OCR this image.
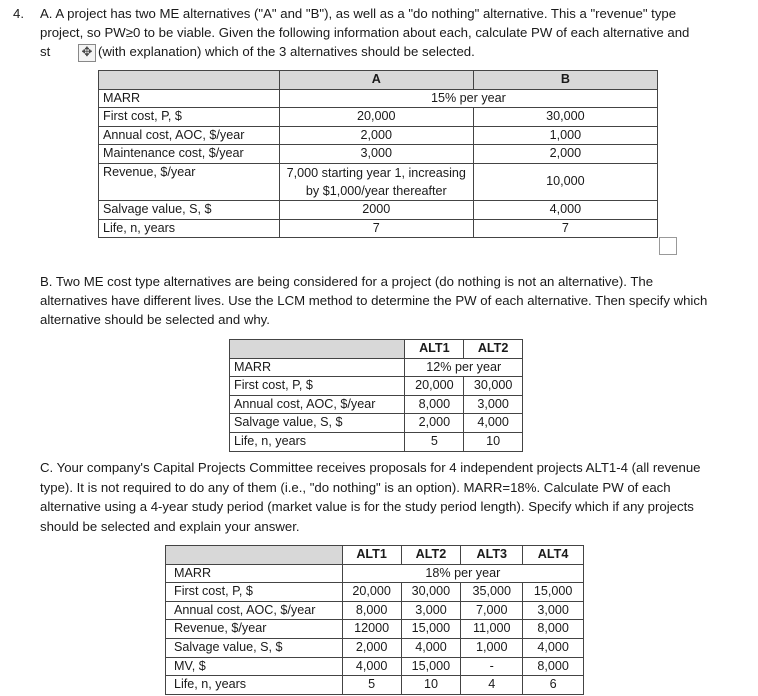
4. A. A project has two ME alternatives ("A" and "B"), as well as a "do nothing" alternative. This a "revenue" type
project, so PW≥0 to be viable. Given the following information about each, calculate PW of each alternative and
st	(with explanation) which of the 3 alternatives should be selected.
✥
	A	B
MARR	15% per year	
First cost, P, $	20,000	30,000
Annual cost, AOC, $/year	2,000	1,000
Maintenance cost, $/year	3,000	2,000
Revenue, $/year	7,000 starting year 1, increasing
by $1,000/year thereafter	10,000
Salvage value, S, $	2000	4,000
Life, n, years	7	7
B. Two ME cost type alternatives are being considered for a project (do nothing is not an alternative). The
alternatives have different lives. Use the LCM method to determine the PW of each alternative. Then specify which
alternative should be selected and why.
	ALT1	ALT2
MARR	12% per year	
First cost, P, $	20,000	30,000
Annual cost, AOC, $/year	8,000	3,000
Salvage value, S, $	2,000	4,000
Life, n, years	5	10
C. Your company's Capital Projects Committee receives proposals for 4 independent projects ALT1-4 (all revenue
type). It is not required to do any of them (i.e., "do nothing" is an option). MARR=18%. Calculate PW of each
alternative using a 4-year study period (market value is for the study period length). Specify which if any projects
should be selected and explain your answer.
	ALT1	ALT2	ALT3	ALT4
MARR	18% per year			
First cost, P, $	20,000	30,000	35,000	15,000
Annual cost, AOC, $/year	8,000	3,000	7,000	3,000
Revenue, $/year	12000	15,000	11,000	8,000
Salvage value, S, $	2,000	4,000	1,000	4,000
MV, $	4,000	15,000	-	8,000
Life, n, years	5	10	4	6
